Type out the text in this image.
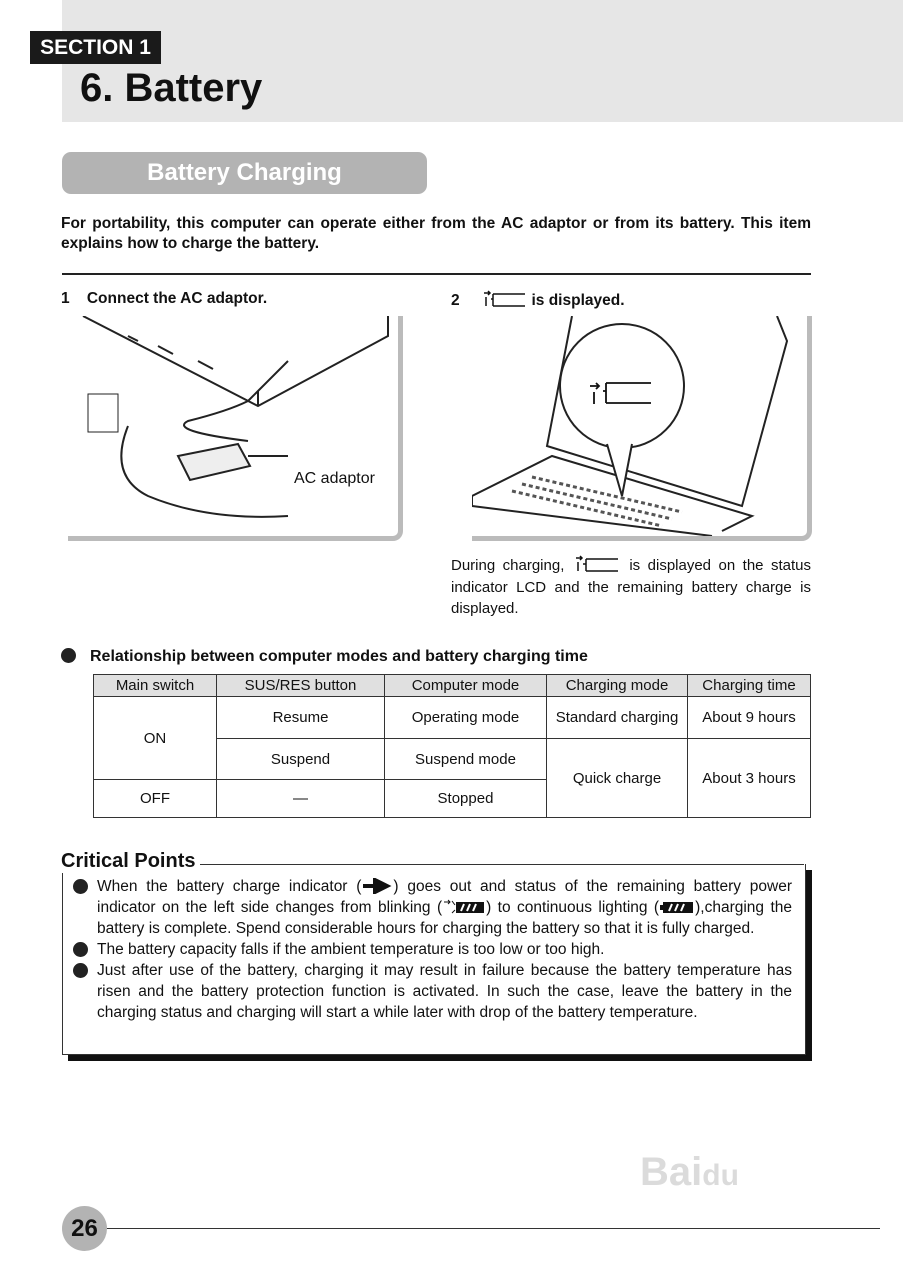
SECTION 1
6. Battery
Battery Charging
For portability, this computer can operate either from the AC adaptor or from its battery. This item explains how to charge the battery.
1 Connect the AC adaptor.	2	is displayed.
AC adaptor
During charging,	is displayed on the status indicator LCD and the remaining battery charge is displayed.
Relationship between computer modes and battery charging time
Main switch	SUS/RES button	Computer mode	Charging mode	Charging time
ON	Resume	Operating mode	Standard charging	About 9 hours
	Suspend	Suspend mode	Quick charge	About 3 hours
OFF	—	Stopped		
Critical Points
When the battery charge indicator ( ) goes out and status of the remaining battery power indicator on the left side changes from blinking (	) to continuous lighting ( ),charging the battery is complete. Spend considerable hours for charging the battery so that it is fully charged.
The battery capacity falls if the ambient temperature is too low or too high.
Just after use of the battery, charging it may result in failure because the battery temperature has risen and the battery protection function is activated. In such the case, leave the battery in the charging status and charging will start a while later with drop of the battery temperature.
Baidu
26
